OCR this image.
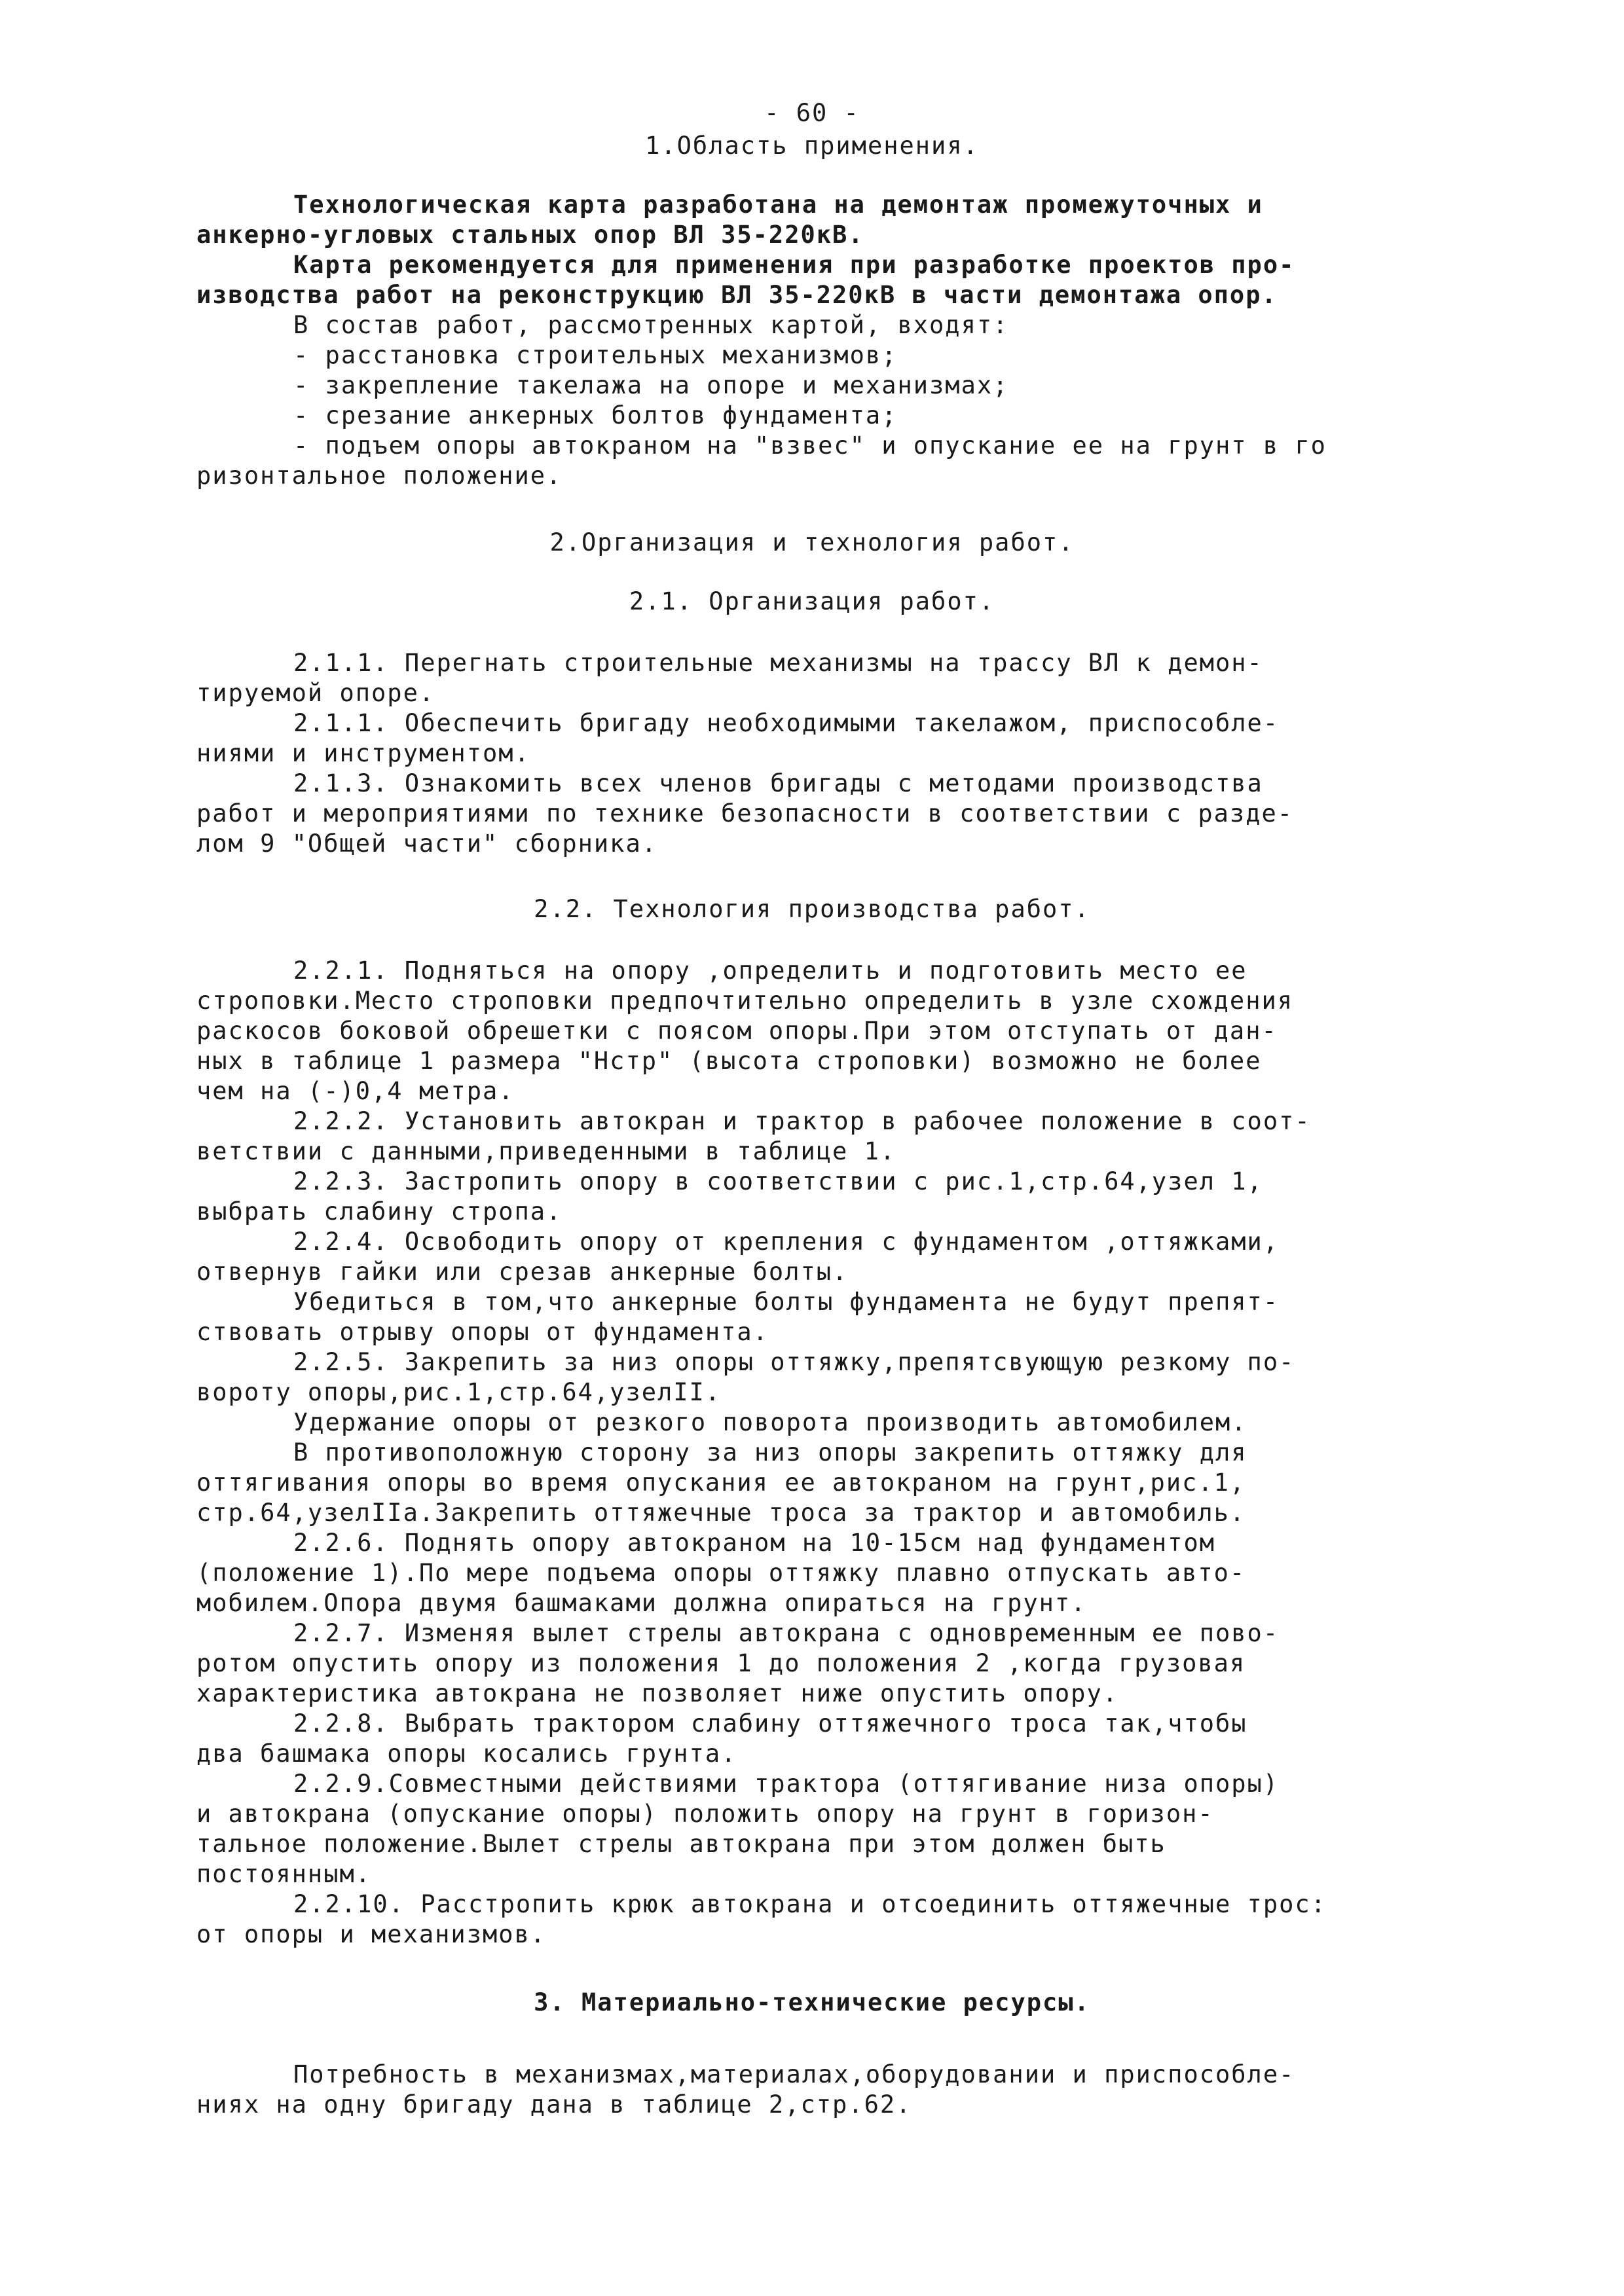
- 60 -
1.Область применения.
Технологическая карта разработана на демонтаж промежуточных и
анкерно-угловых стальных опор ВЛ 35-220кВ.
Карта рекомендуется для применения при разработке проектов про-
изводства работ на реконструкцию ВЛ 35-220кВ в части демонтажа опор.
В состав работ, рассмотренных картой, входят:
- расстановка строительных механизмов;
- закрепление такелажа на опоре и механизмах;
- срезание анкерных болтов фундамента;
- подъем опоры автокраном на "взвес" и опускание ее на грунт в го
ризонтальное положение.
2.Организация и технология работ.
2.1. Организация работ.
2.1.1. Перегнать строительные механизмы на трассу ВЛ к демон-
тируемой опоре.
2.1.1. Обеспечить бригаду необходимыми такелажом, приспособле-
ниями и инструментом.
2.1.3. Ознакомить всех членов бригады с методами производства
работ и мероприятиями по технике безопасности в соответствии с разде-
лом 9 "Общей части" сборника.
2.2. Технология производства работ.
2.2.1. Подняться на опору ,определить и подготовить место ее
строповки.Место строповки предпочтительно определить в узле схождения
раскосов боковой обрешетки с поясом опоры.При этом отступать от дан-
ных в таблице 1 размера "Нстр" (высота строповки) возможно не более
чем на (-)0,4 метра.
2.2.2. Установить автокран и трактор в рабочее положение в соот-
ветствии с данными,приведенными в таблице 1.
2.2.3. Застропить опору в соответствии с рис.1,стр.64,узел 1,
выбрать слабину стропа.
2.2.4. Освободить опору от крепления с фундаментом ,оттяжками,
отвернув гайки или срезав анкерные болты.
Убедиться в том,что анкерные болты фундамента не будут препят-
ствовать отрыву опоры от фундамента.
2.2.5. Закрепить за низ опоры оттяжку,препятсвующую резкому по-
вороту опоры,рис.1,стр.64,узелII.
Удержание опоры от резкого поворота производить автомобилем.
В противоположную сторону за низ опоры закрепить оттяжку для
оттягивания опоры во время опускания ее автокраном на грунт,рис.1,
стр.64,узелIIа.Закрепить оттяжечные троса за трактор и автомобиль.
2.2.6. Поднять опору автокраном на 10-15см над фундаментом
(положение 1).По мере подъема опоры оттяжку плавно отпускать авто-
мобилем.Опора двумя башмаками должна опираться на грунт.
2.2.7. Изменяя вылет стрелы автокрана с одновременным ее пово-
ротом опустить опору из положения 1 до положения 2 ,когда грузовая
характеристика автокрана не позволяет ниже опустить опору.
2.2.8. Выбрать трактором слабину оттяжечного троса так,чтобы
два башмака опоры косались грунта.
2.2.9.Совместными действиями трактора (оттягивание низа опоры)
и автокрана (опускание опоры) положить опору на грунт в горизон-
тальное положение.Вылет стрелы автокрана при этом должен быть
постоянным.
2.2.10. Расстропить крюк автокрана и отсоединить оттяжечные трос:
от опоры и механизмов.
3. Материально-технические ресурсы.
Потребность в механизмах,материалах,оборудовании и приспособле-
ниях на одну бригаду дана в таблице 2,стр.62.
